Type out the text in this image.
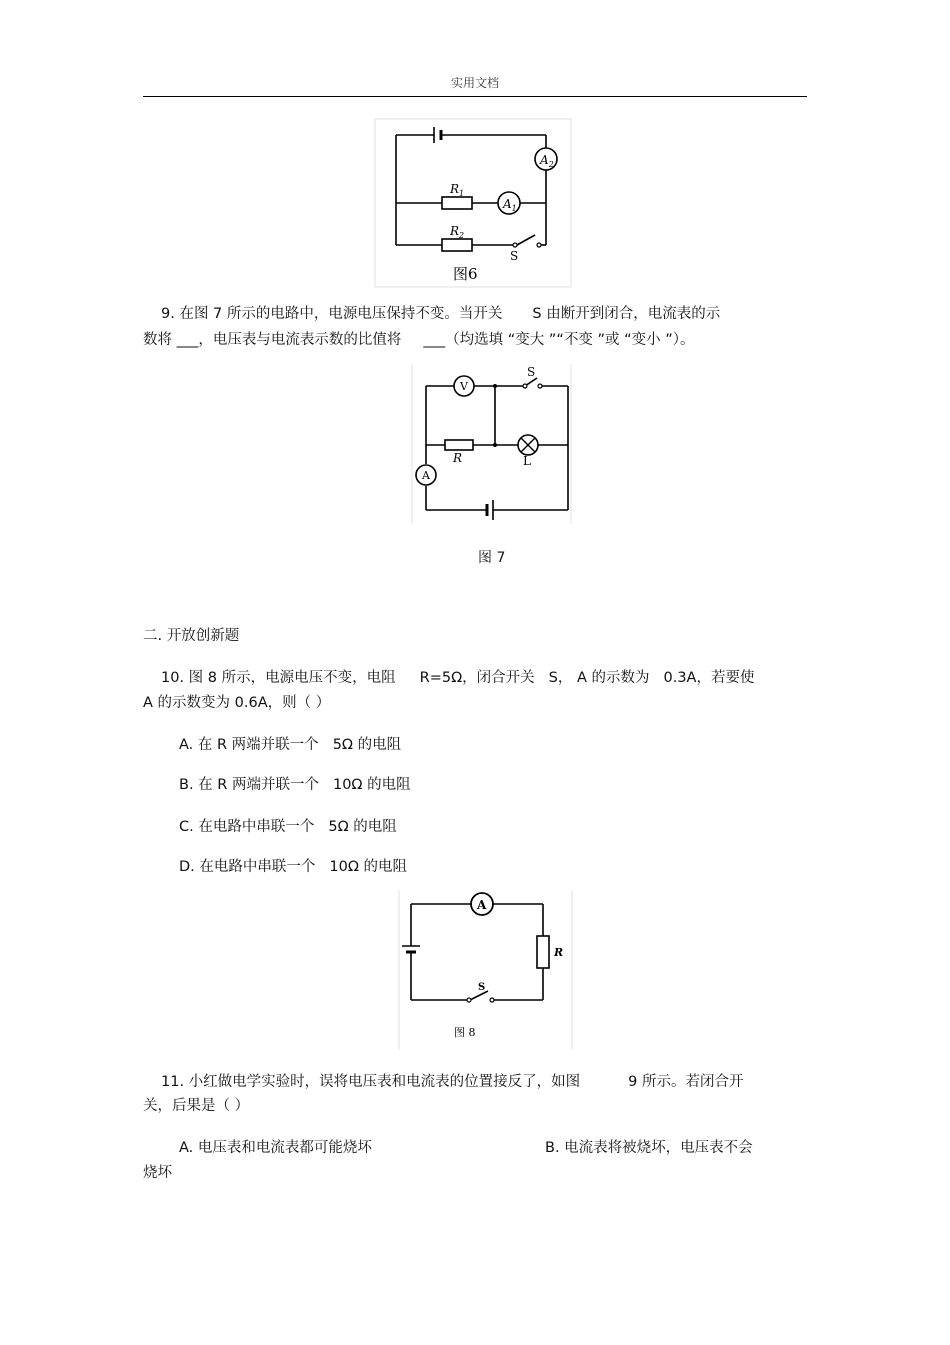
实用文档
$A_2$
$A_1$
$R_1$
$R_2$
S
图6
9. 在图 7 所示的电路中，电源电压保持不变。当开关 S 由断开到闭合，电流表的示
数将 ___，电压表与电流表示数的比值将 ___（均选填 “变大 ”“不变 ”或 “变小 ”）。
V
A
R	L
S
图 7
二. 开放创新题
10. 图 8 所示，电源电压不变，电阻 R=5Ω，闭合开关 S， A 的示数为 0.3A，若要使
A 的示数变为 0.6A，则（ ）
A. 在 R 两端并联一个 5Ω 的电阻
B. 在 R 两端并联一个 10Ω 的电阻
C. 在电路中串联一个 5Ω 的电阻
D. 在电路中串联一个 10Ω 的电阻
A
R
S
图 8
11. 小红做电学实验时，误将电压表和电流表的位置接反了，如图	9 所示。若闭合开
关，后果是（ ）
A. 电压表和电流表都可能烧坏	B. 电流表将被烧坏，电压表不会
烧坏
